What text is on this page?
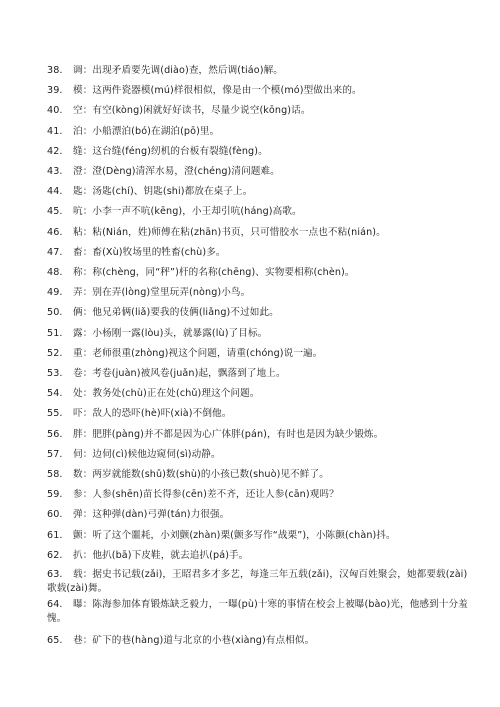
38. 调：出现矛盾要先调(diào)查，然后调(tiáo)解。
39. 模：这两件瓷器模(mú)样很相似，像是由一个模(mó)型做出来的。
40. 空：有空(kòng)闲就好好读书，尽量少说空(kōng)话。
41. 泊：小船漂泊(bó)在湖泊(pō)里。
42. 缝：这台缝(féng)纫机的台板有裂缝(fèng)。
43. 澄：澄(Dèng)清浑水易，澄(chéng)清问题难。
44. 匙：汤匙(chí)、钥匙(shi)都放在桌子上。
45. 吭：小李一声不吭(kēng)，小王却引吭(háng)高歌。
46. 粘：粘(Nián，姓)师傅在粘(zhān)书页，只可惜胶水一点也不粘(nián)。
47. 畜：畜(Xù)牧场里的牲畜(chù)多。
48. 称：称(chèng，同“秤”)杆的名称(chēng)、实物要相称(chèn)。
49. 弄：别在弄(lòng)堂里玩弄(nòng)小鸟。
50. 俩：他兄弟俩(liǎ)要我的伎俩(liǎng)不过如此。
51. 露：小杨刚一露(lòu)头，就暴露(lù)了目标。
52. 重：老师很重(zhòng)视这个问题，请重(chóng)说一遍。
53. 卷：考卷(juàn)被风卷(juǎn)起，飘落到了地上。
54. 处：教务处(chù)正在处(chǔ)理这个问题。
55. 吓：敌人的恐吓(hè)吓(xià)不倒他。
56. 胖：肥胖(pàng)并不都是因为心广体胖(pán)，有时也是因为缺少锻炼。
57. 伺：边伺(cì)候他边窥伺(sì)动静。
58. 数：两岁就能数(shǔ)数(shù)的小孩已数(shuò)见不鲜了。
59. 参：人参(shēn)苗长得参(cēn)差不齐，还让人参(cān)观吗？
60. 弹：这种弹(dàn)弓弹(tán)力很强。
61. 颤：听了这个噩耗，小刘颤(zhàn)栗(颤多写作“战栗”)，小陈颤(chàn)抖。
62. 扒：他扒(bā)下皮鞋，就去追扒(pá)手。
63. 载：据史书记载(zǎi)，王昭君多才多艺，每逢三年五载(zǎi)，汉匈百姓聚会，她都要载(zài)歌载(zài)舞。
64. 曝：陈海参加体育锻炼缺乏毅力，一曝(pù)十寒的事情在校会上被曝(bào)光，他感到十分羞愧。
65. 巷：矿下的巷(hàng)道与北京的小巷(xiàng)有点相似。
